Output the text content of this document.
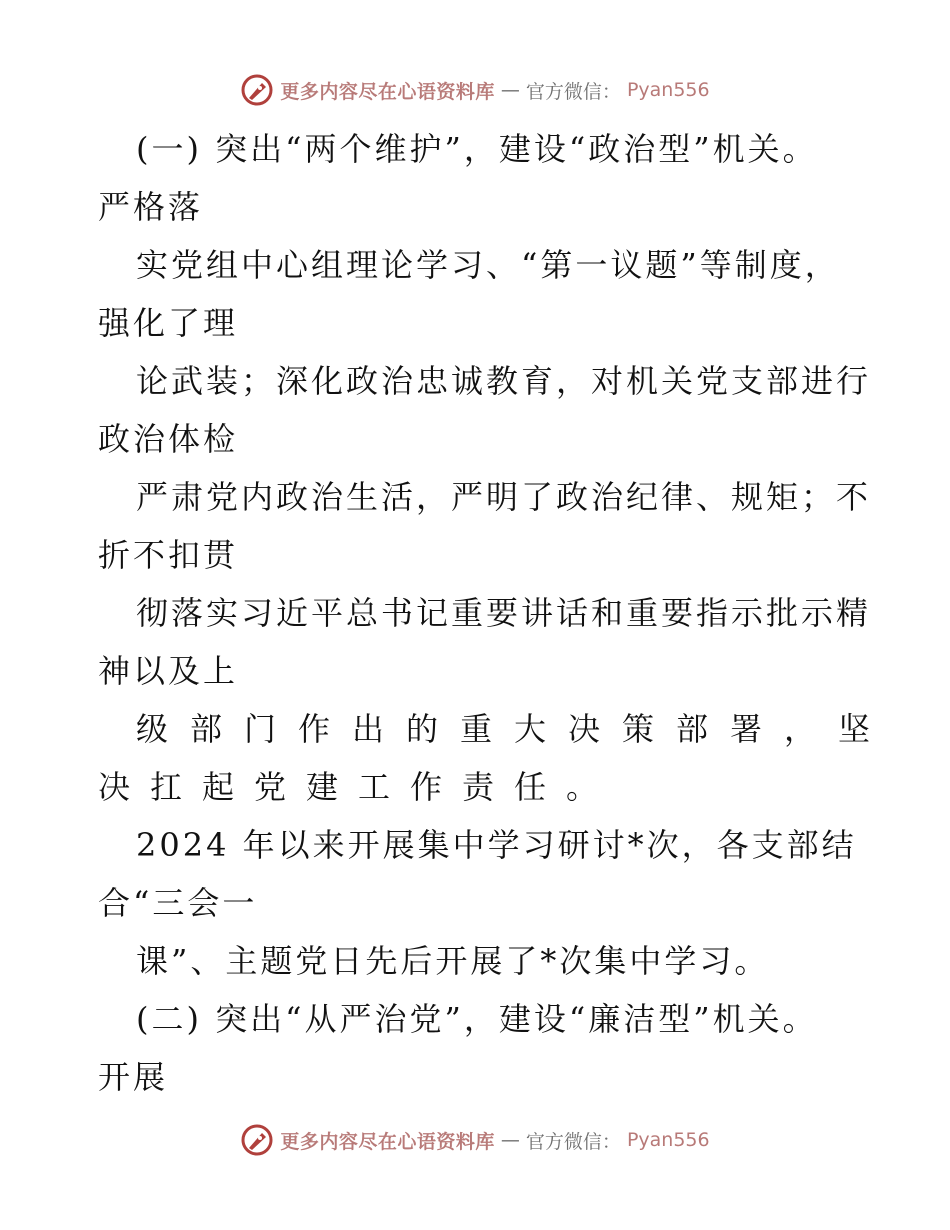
更多内容尽在心语资料库 — 官方微信： Pyan556
(一) 突出“两个维护”，建设“政治型”机关。
严格落
实党组中心组理论学习、“第一议题”等制度，
强化了理
论武装；深化政治忠诚教育，对机关党支部进行
政治体检
严肃党内政治生活，严明了政治纪律、规矩；不
折不扣贯
彻落实习近平总书记重要讲话和重要指示批示精
神以及上
级部门作出的重大决策部署，坚
决扛起党建工作责任。
2024 年以来开展集中学习研讨*次，各支部结
合“三会一
课”、主题党日先后开展了*次集中学习。
(二) 突出“从严治党”，建设“廉洁型”机关。
开展
更多内容尽在心语资料库 — 官方微信： Pyan556
